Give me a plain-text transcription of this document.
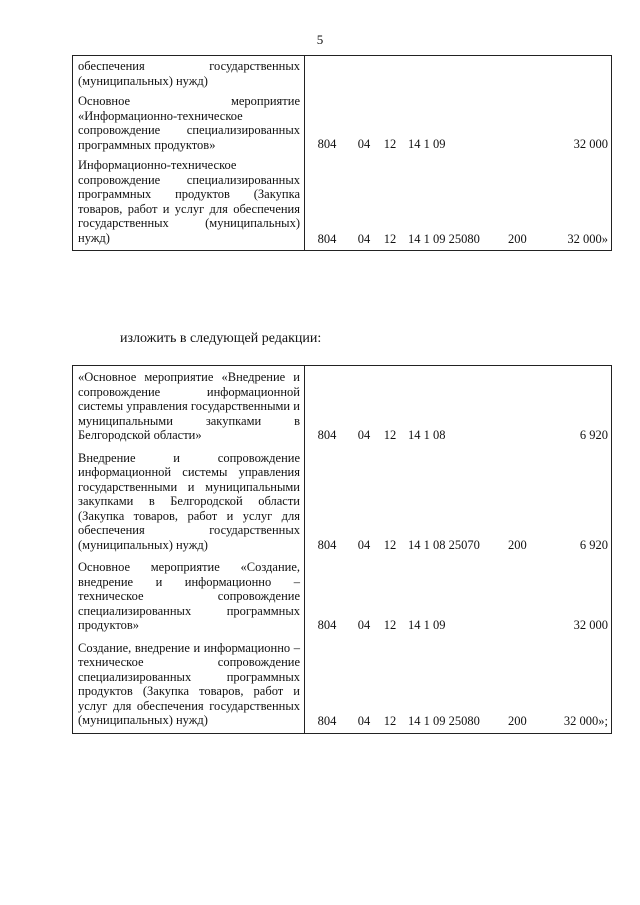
5
обеспечения государственных (муниципальных) нужд)						
Основное мероприятие «Информационно-техническое сопровождение специализированных программных продуктов»	804	04	12	14 1 09		32 000
Информационно-техническое сопровождение специализированных программных продуктов (Закупка товаров, работ и услуг для обеспечения государственных (муниципальных) нужд)	804	04	12	14 1 09 25080	200	32 000»
изложить в следующей редакции:
«Основное мероприятие «Внедрение и сопровождение информационной системы управления государственными и муниципальными закупками в Белгородской области»	804	04	12	14 1 08		6 920
Внедрение и сопровождение информационной системы управления государственными и муниципальными закупками в Белгородской области (Закупка товаров, работ и услуг для обеспечения государственных (муниципальных) нужд)	804	04	12	14 1 08 25070	200	6 920
Основное мероприятие «Создание, внедрение и информационно – техническое сопровождение специализированных программных продуктов»	804	04	12	14 1 09		32 000
Создание, внедрение и информационно – техническое сопровождение специализированных программных продуктов (Закупка товаров, работ и услуг для обеспечения государственных (муниципальных) нужд)	804	04	12	14 1 09 25080	200	32 000»;
